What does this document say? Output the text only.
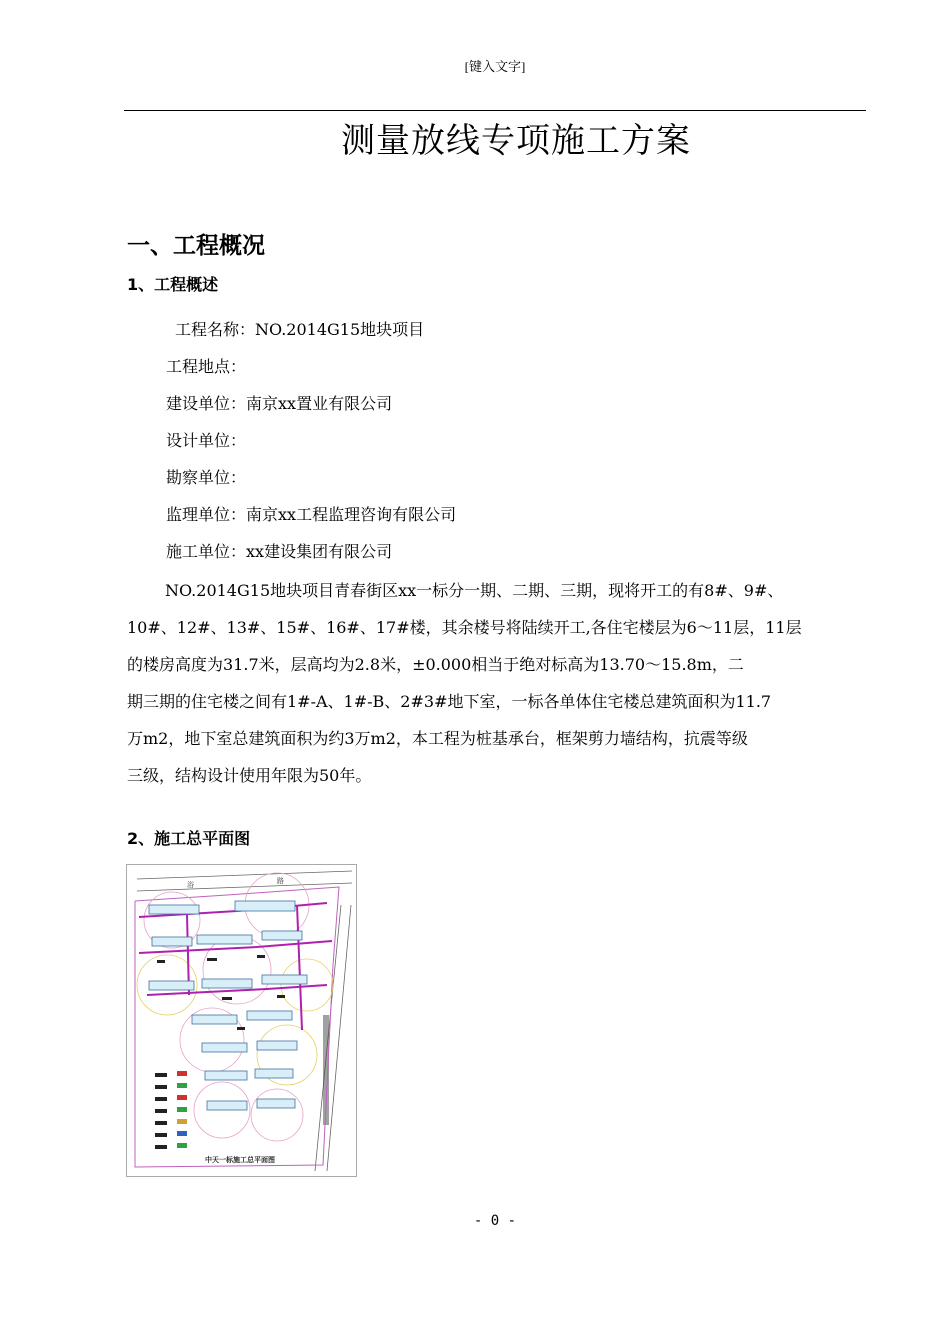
[键入文字]
测量放线专项施工方案
一、工程概况
1、工程概述
工程名称：NO.2014G15地块项目
工程地点：
建设单位：南京xx置业有限公司
设计单位：
勘察单位：
监理单位：南京xx工程监理咨询有限公司
施工单位：xx建设集团有限公司
NO.2014G15地块项目青春街区xx一标分一期、二期、三期，现将开工的有8#、9#、
10#、12#、13#、15#、16#、17#楼，其余楼号将陆续开工,各住宅楼层为6～11层，11层
的楼房高度为31.7米，层高均为2.8米，±0.000相当于绝对标高为13.70～15.8m，二
期三期的住宅楼之间有1#-A、1#-B、2#3#地下室，一标各单体住宅楼总建筑面积为11.7
万m2，地下室总建筑面积为约3万m2，本工程为桩基承台，框架剪力墙结构，抗震等级
三级，结构设计使用年限为50年。
2、施工总平面图
浴	路
中天一标施工总平面图
- 0 -
